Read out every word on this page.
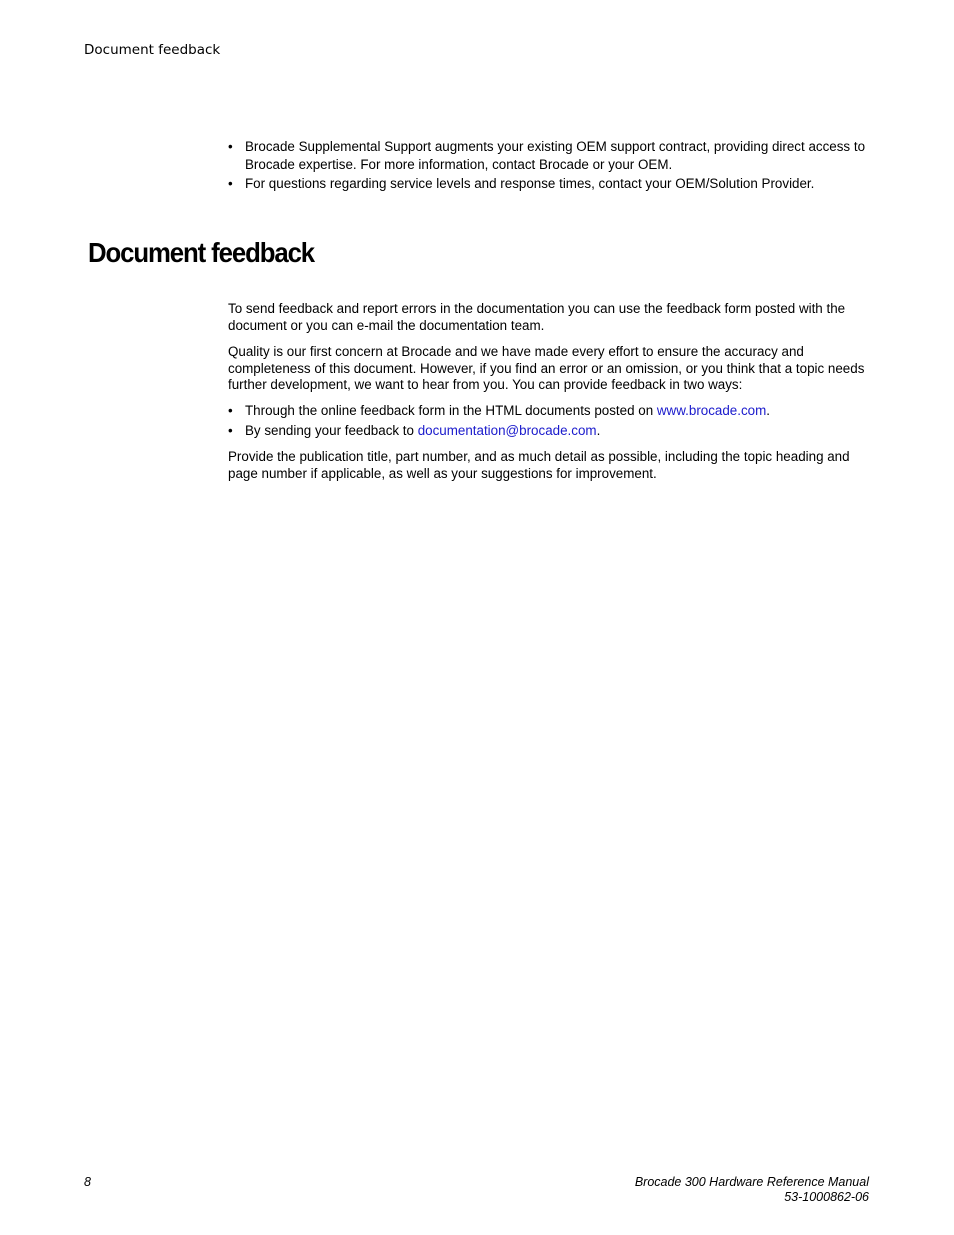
Document feedback
• Brocade Supplemental Support augments your existing OEM support contract, providing direct access to Brocade expertise. For more information, contact Brocade or your OEM.
• For questions regarding service levels and response times, contact your OEM/Solution Provider.
Document feedback

To send feedback and report errors in the documentation you can use the feedback form posted with the document or you can e-mail the documentation team.

Quality is our first concern at Brocade and we have made every effort to ensure the accuracy and completeness of this document. However, if you find an error or an omission, or you think that a topic needs further development, we want to hear from you. You can provide feedback in two ways:

• Through the online feedback form in the HTML documents posted on www.brocade.com.
• By sending your feedback to documentation@brocade.com.

Provide the publication title, part number, and as much detail as possible, including the topic heading and page number if applicable, as well as your suggestions for improvement.

8	Brocade 300 Hardware Reference Manual
53-1000862-06
